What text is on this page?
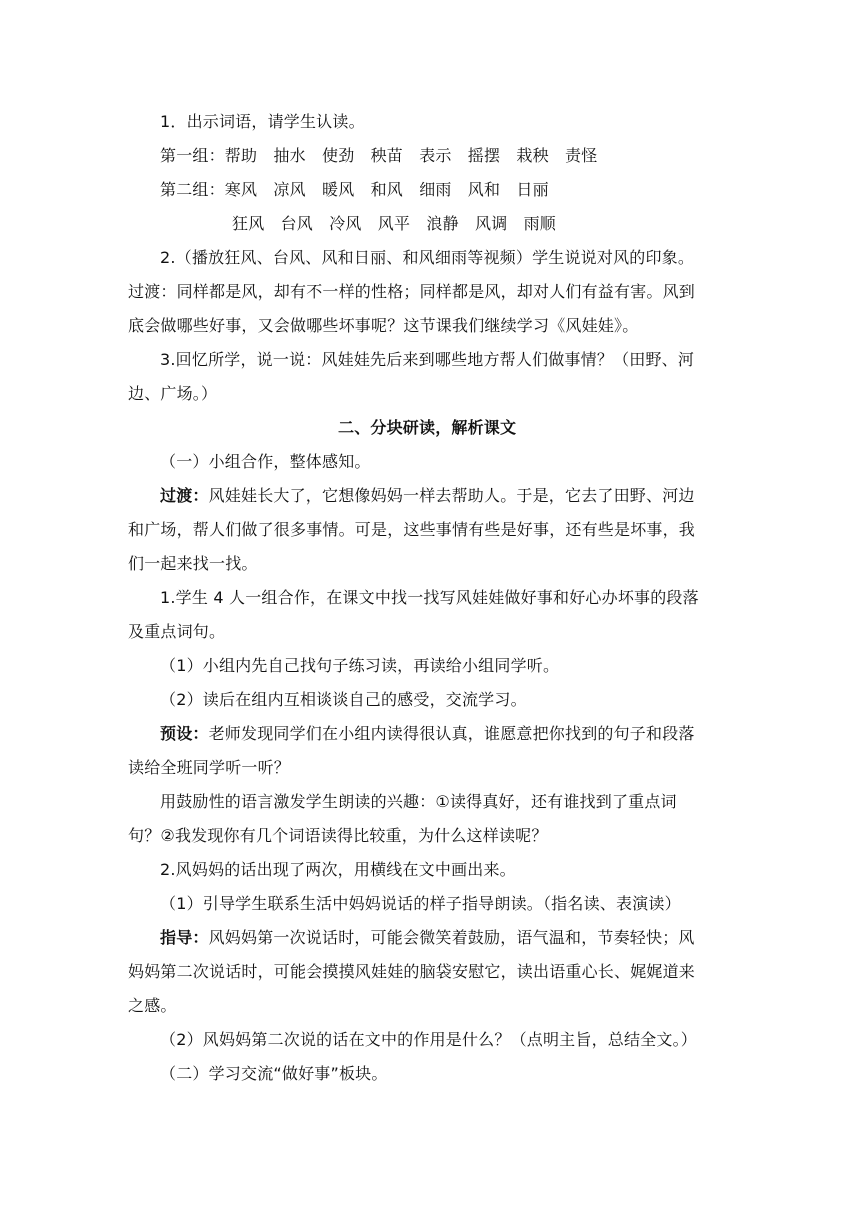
1．出示词语，请学生认读。
第一组：帮助　抽水　使劲　秧苗　表示　摇摆　栽秧　责怪
第二组：寒风　凉风　暖风　和风　细雨　风和　日丽
狂风　台风　冷风　风平　浪静　风调　雨顺
2.（播放狂风、台风、风和日丽、和风细雨等视频）学生说说对风的印象。
过渡：同样都是风，却有不一样的性格；同样都是风，却对人们有益有害。风到
底会做哪些好事，又会做哪些坏事呢？这节课我们继续学习《风娃娃》。
3.回忆所学，说一说：风娃娃先后来到哪些地方帮人们做事情？（田野、河
边、广场。）
二、分块研读，解析课文
（一）小组合作，整体感知。
过渡：风娃娃长大了，它想像妈妈一样去帮助人。于是，它去了田野、河边
和广场，帮人们做了很多事情。可是，这些事情有些是好事，还有些是坏事，我
们一起来找一找。
1.学生 4 人一组合作，在课文中找一找写风娃娃做好事和好心办坏事的段落
及重点词句。
（1）小组内先自己找句子练习读，再读给小组同学听。
（2）读后在组内互相谈谈自己的感受，交流学习。
预设：老师发现同学们在小组内读得很认真，谁愿意把你找到的句子和段落
读给全班同学听一听？
用鼓励性的语言激发学生朗读的兴趣：①读得真好，还有谁找到了重点词
句？②我发现你有几个词语读得比较重，为什么这样读呢？
2.风妈妈的话出现了两次，用横线在文中画出来。
（1）引导学生联系生活中妈妈说话的样子指导朗读。（指名读、表演读）
指导：风妈妈第一次说话时，可能会微笑着鼓励，语气温和，节奏轻快；风
妈妈第二次说话时，可能会摸摸风娃娃的脑袋安慰它，读出语重心长、娓娓道来
之感。
（2）风妈妈第二次说的话在文中的作用是什么？（点明主旨，总结全文。）
（二）学习交流“做好事”板块。
